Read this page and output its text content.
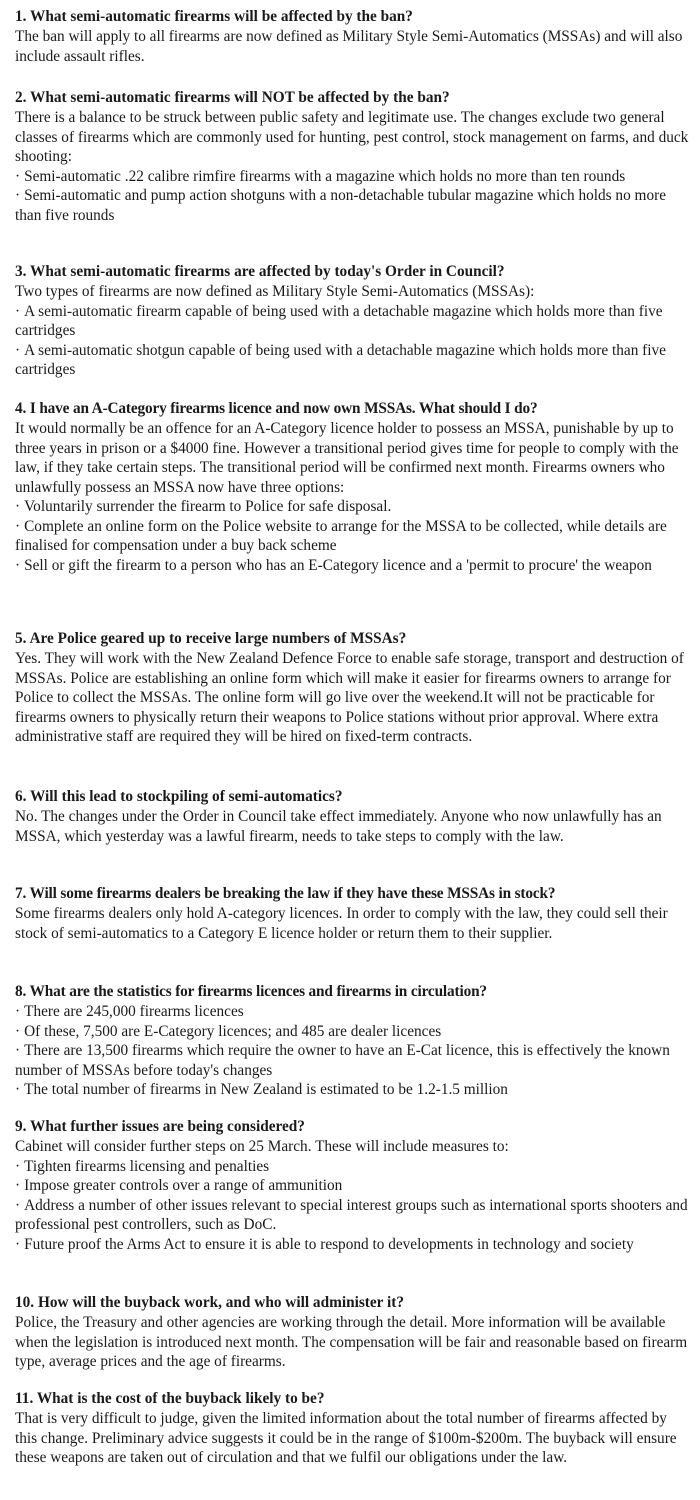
1. What semi-automatic firearms will be affected by the ban?

The ban will apply to all firearms are now defined as Military Style Semi-Automatics (MSSAs) and will also include assault rifles.

2. What semi-automatic firearms will NOT be affected by the ban?

There is a balance to be struck between public safety and legitimate use. The changes exclude two general classes of firearms which are commonly used for hunting, pest control, stock management on farms, and duck shooting:

· Semi-automatic .22 calibre rimfire firearms with a magazine which holds no more than ten rounds

· Semi-automatic and pump action shotguns with a non-detachable tubular magazine which holds no more than five rounds

3. What semi-automatic firearms are affected by today's Order in Council?

Two types of firearms are now defined as Military Style Semi-Automatics (MSSAs):

· A semi-automatic firearm capable of being used with a detachable magazine which holds more than five cartridges

· A semi-automatic shotgun capable of being used with a detachable magazine which holds more than five cartridges

4. I have an A-Category firearms licence and now own MSSAs. What should I do?

It would normally be an offence for an A-Category licence holder to possess an MSSA, punishable by up to three years in prison or a $4000 fine. However a transitional period gives time for people to comply with the law, if they take certain steps. The transitional period will be confirmed next month. Firearms owners who unlawfully possess an MSSA now have three options:

· Voluntarily surrender the firearm to Police for safe disposal.

· Complete an online form on the Police website to arrange for the MSSA to be collected, while details are finalised for compensation under a buy back scheme

· Sell or gift the firearm to a person who has an E-Category licence and a 'permit to procure' the weapon

5. Are Police geared up to receive large numbers of MSSAs?

Yes. They will work with the New Zealand Defence Force to enable safe storage, transport and destruction of MSSAs. Police are establishing an online form which will make it easier for firearms owners to arrange for Police to collect the MSSAs. The online form will go live over the weekend.It will not be practicable for firearms owners to physically return their weapons to Police stations without prior approval. Where extra administrative staff are required they will be hired on fixed-term contracts.

6. Will this lead to stockpiling of semi-automatics?

No. The changes under the Order in Council take effect immediately. Anyone who now unlawfully has an MSSA, which yesterday was a lawful firearm, needs to take steps to comply with the law.

7. Will some firearms dealers be breaking the law if they have these MSSAs in stock?

Some firearms dealers only hold A-category licences. In order to comply with the law, they could sell their stock of semi-automatics to a Category E licence holder or return them to their supplier.

8. What are the statistics for firearms licences and firearms in circulation?

· There are 245,000 firearms licences

· Of these, 7,500 are E-Category licences; and 485 are dealer licences

· There are 13,500 firearms which require the owner to have an E-Cat licence, this is effectively the known number of MSSAs before today's changes

· The total number of firearms in New Zealand is estimated to be 1.2-1.5 million

9. What further issues are being considered?

Cabinet will consider further steps on 25 March. These will include measures to:

· Tighten firearms licensing and penalties

· Impose greater controls over a range of ammunition

· Address a number of other issues relevant to special interest groups such as international sports shooters and professional pest controllers, such as DoC.

· Future proof the Arms Act to ensure it is able to respond to developments in technology and society

10. How will the buyback work, and who will administer it?

Police, the Treasury and other agencies are working through the detail. More information will be available when the legislation is introduced next month. The compensation will be fair and reasonable based on firearm type, average prices and the age of firearms.

11. What is the cost of the buyback likely to be?

That is very difficult to judge, given the limited information about the total number of firearms affected by this change. Preliminary advice suggests it could be in the range of $100m-$200m. The buyback will ensure these weapons are taken out of circulation and that we fulfil our obligations under the law.
